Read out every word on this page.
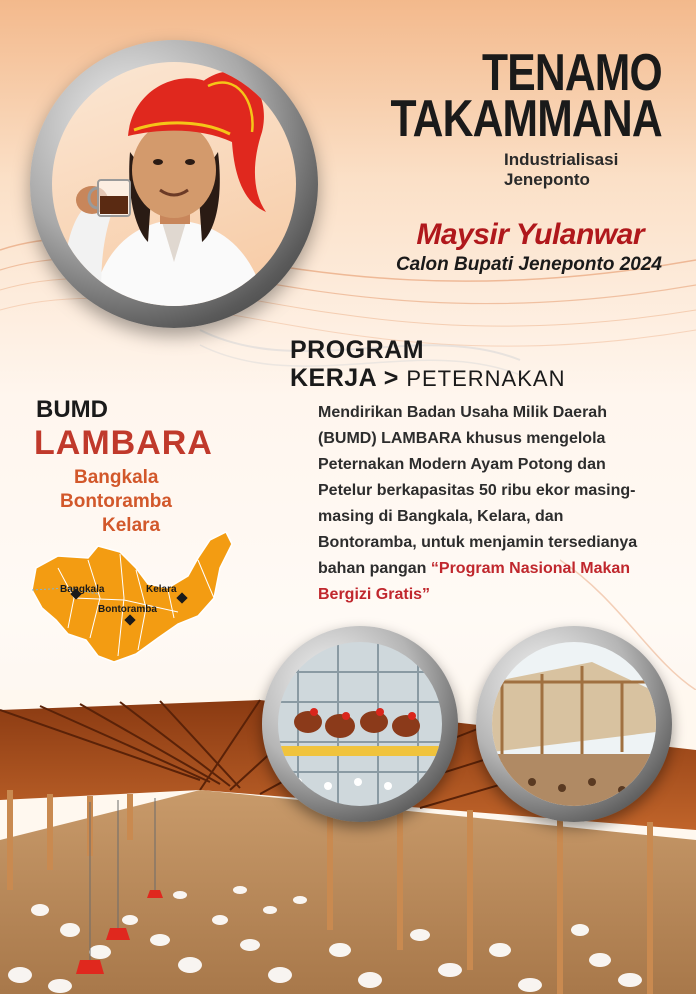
TENAMO
TAKAMMANA
Industrialisasi
Jeneponto
Maysir Yulanwar
Calon Bupati Jeneponto 2024
PROGRAM
KERJA > PETERNAKAN
Mendirikan Badan Usaha Milik Daerah (BUMD) LAMBARA khusus mengelola Peternakan Modern Ayam Potong dan Petelur berkapasitas 50 ribu ekor masing-masing di Bangkala, Kelara, dan Bontoramba, untuk menjamin tersedianya bahan pangan “Program Nasional Makan Bergizi Gratis”
BUMD
LAMBARA
Bangkala
Bontoramba
Kelara
Bangkala
Bontoramba
Kelara
